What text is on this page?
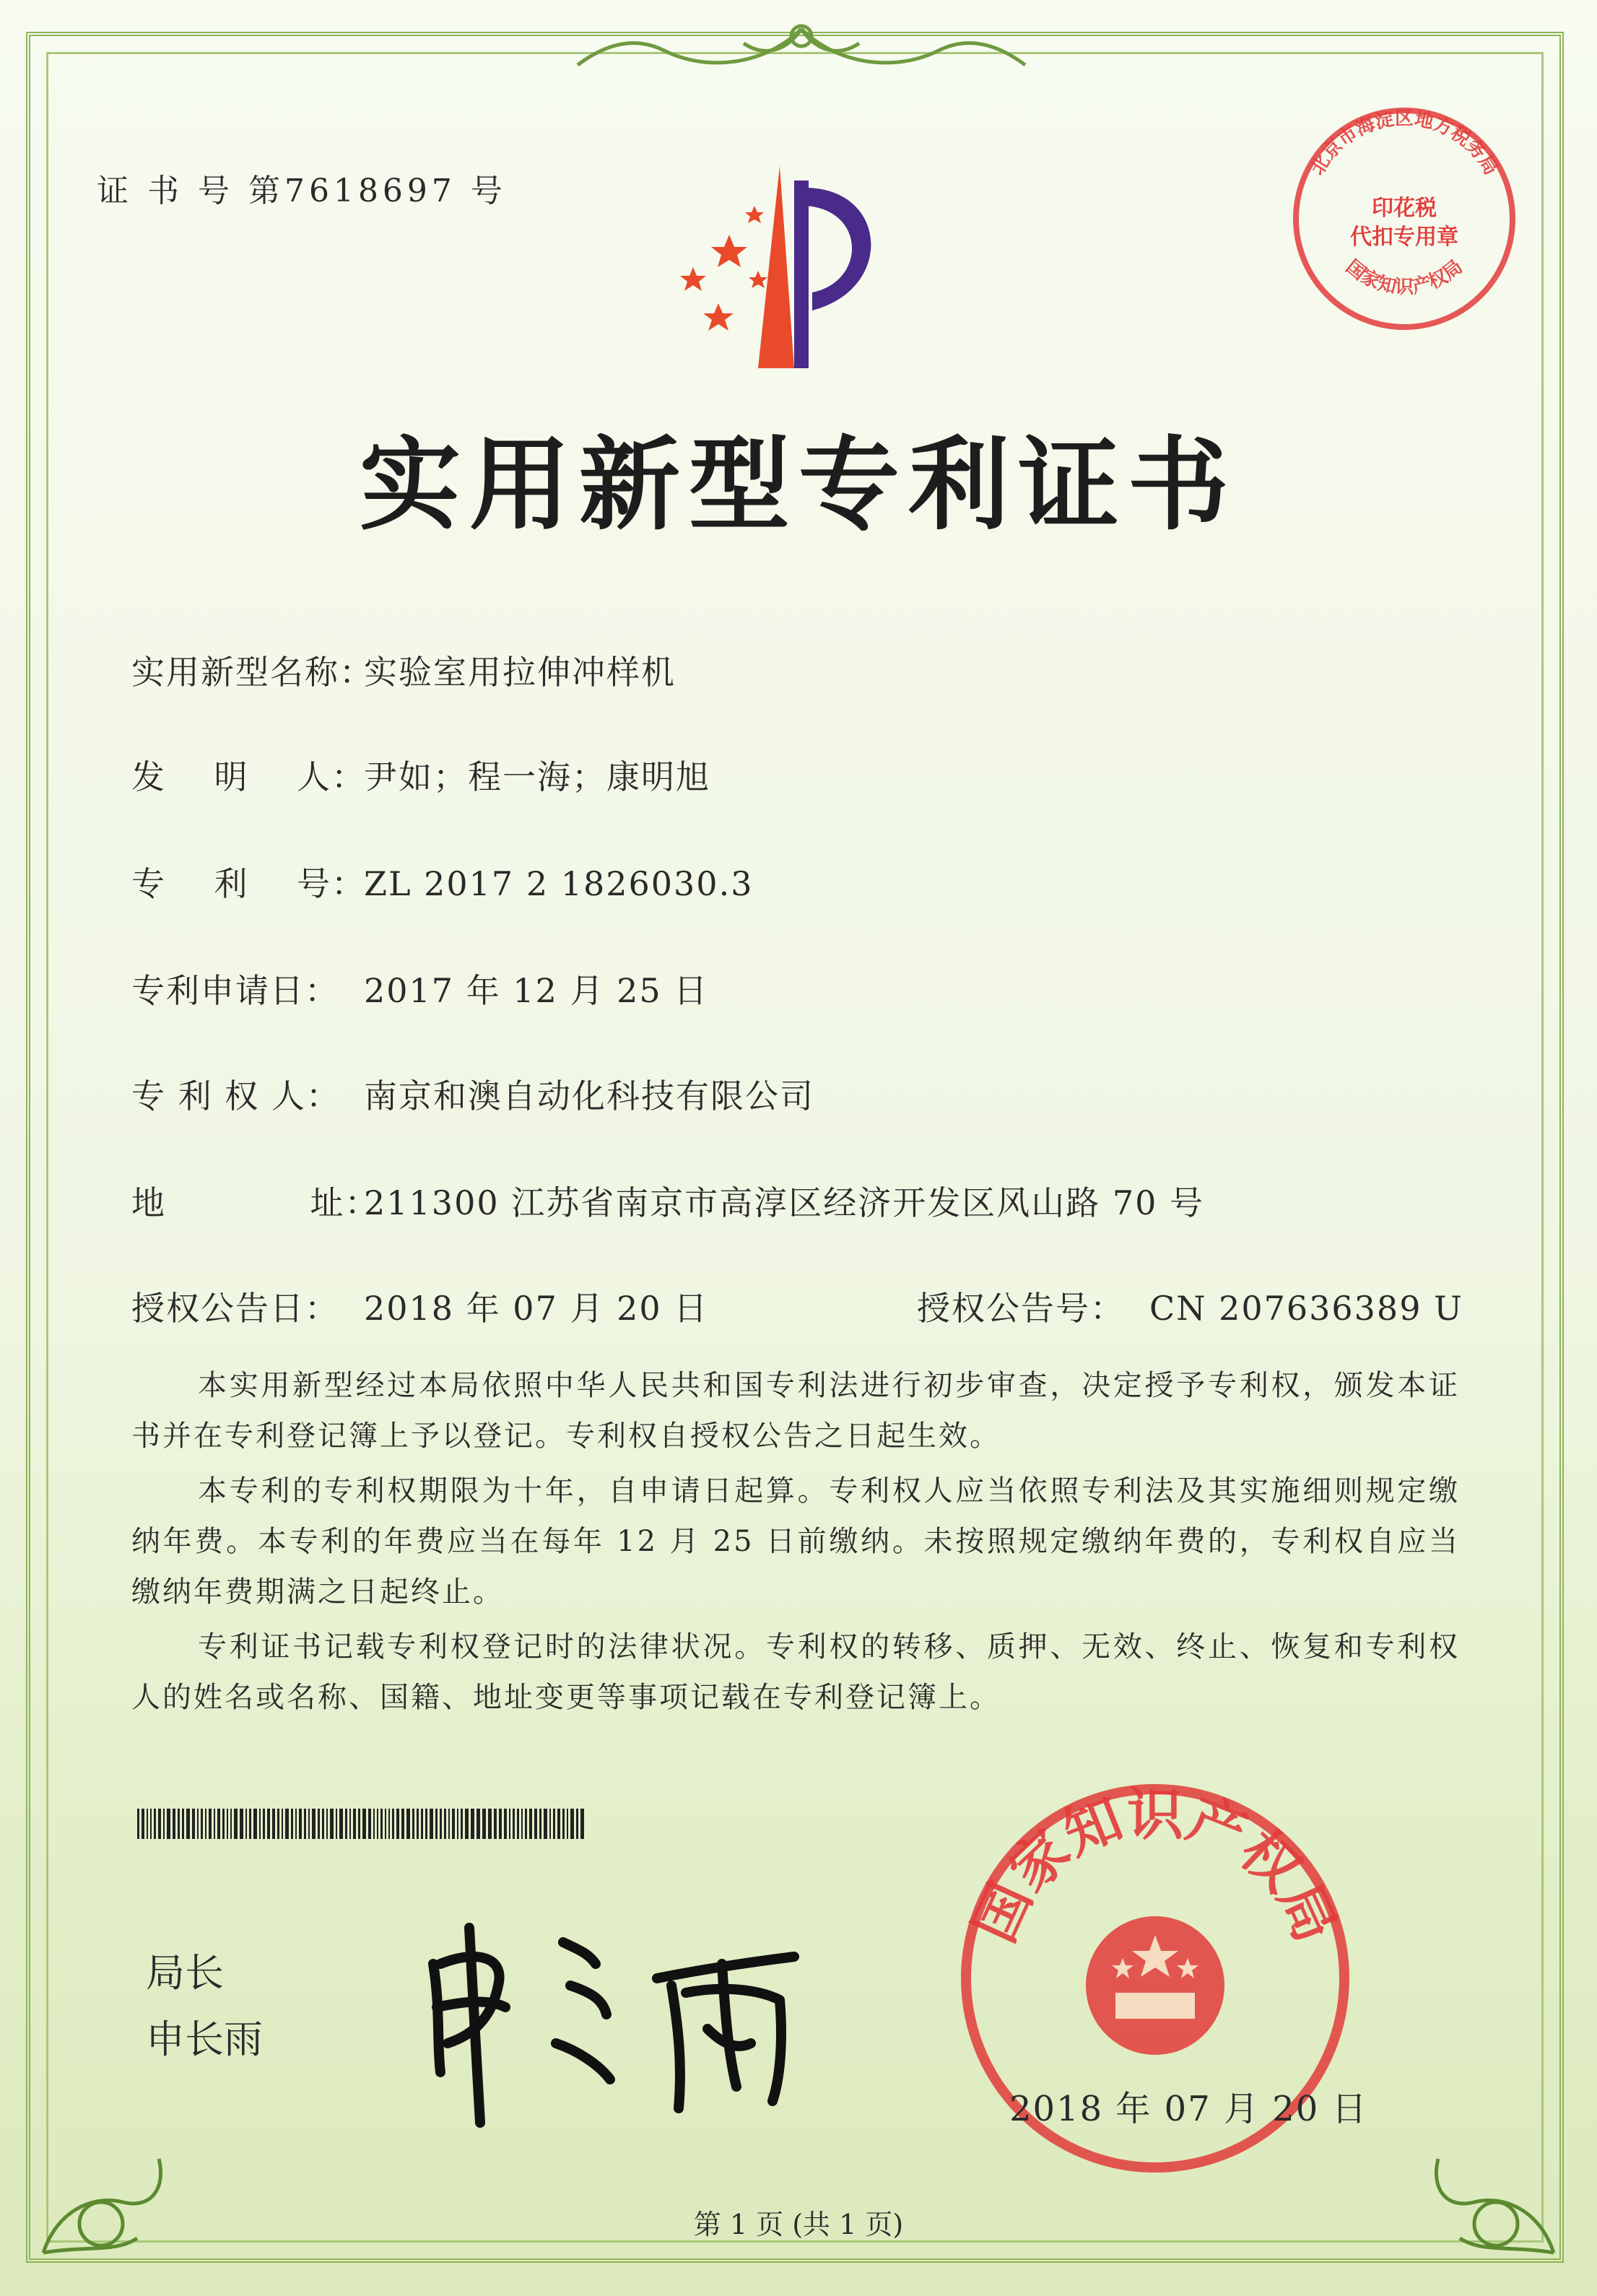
证 书 号 第7618697 号
实用新型专利证书
实用新型名称：实验室用拉伸冲样机
发    明    人：尹如；程一海；康明旭
专    利    号：ZL 2017 2 1826030.3
专利申请日： 2017 年 12 月 25 日
专 利 权 人： 南京和澳自动化科技有限公司
地            址：211300 江苏省南京市高淳区经济开发区风山路 70 号
授权公告日： 2018 年 07 月 20 日	授权公告号： CN 207636389 U

本实用新型经过本局依照中华人民共和国专利法进行初步审查，决定授予专利权，颁发本证书并在专利登记簿上予以登记。专利权自授权公告之日起生效。

本专利的专利权期限为十年，自申请日起算。专利权人应当依照专利法及其实施细则规定缴纳年费。本专利的年费应当在每年 12 月 25 日前缴纳。未按照规定缴纳年费的，专利权自应当缴纳年费期满之日起终止。

专利证书记载专利权登记时的法律状况。专利权的转移、质押、无效、终止、恢复和专利权人的姓名或名称、国籍、地址变更等事项记载在专利登记簿上。

局长
申长雨
国家知识产权局
2018 年 07 月 20 日
北京市海淀区地方税务局
国家知识产权局
印花税
代扣专用章
第 1 页 (共 1 页)
